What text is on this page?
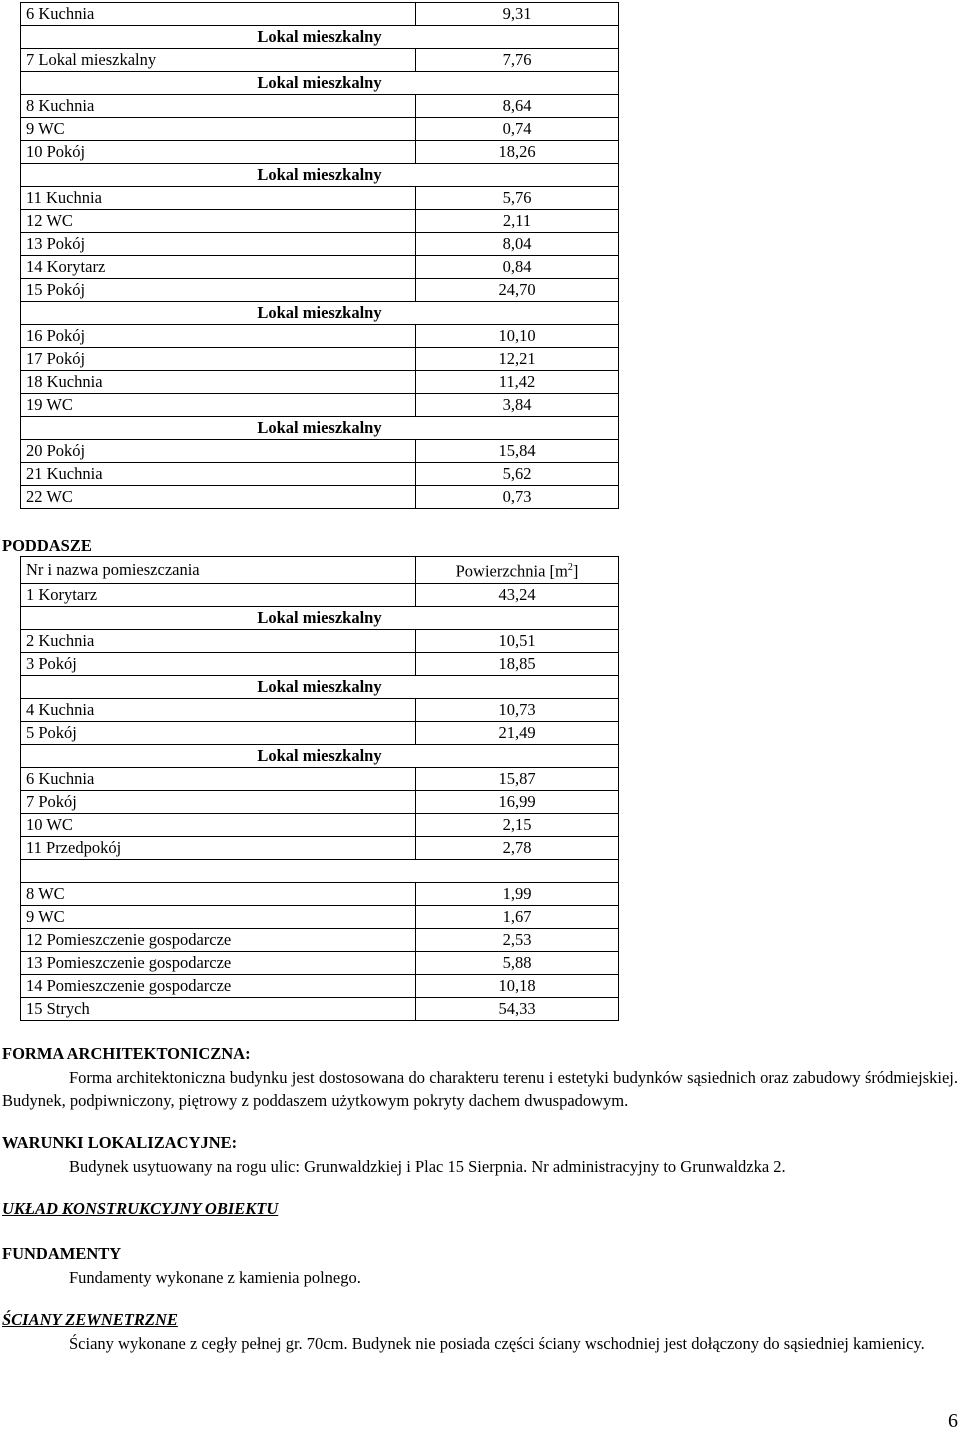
6 Kuchnia	9,31
Lokal mieszkalny	
7 Lokal mieszkalny	7,76
Lokal mieszkalny	
8 Kuchnia	8,64
9 WC	0,74
10 Pokój	18,26
Lokal mieszkalny	
11 Kuchnia	5,76
12 WC	2,11
13 Pokój	8,04
14 Korytarz	0,84
15 Pokój	24,70
Lokal mieszkalny	
16 Pokój	10,10
17 Pokój	12,21
18 Kuchnia	11,42
19 WC	3,84
Lokal mieszkalny	
20 Pokój	15,84
21 Kuchnia	5,62
22 WC	0,73
PODDASZE
Nr i nazwa pomieszczania	Powierzchnia $[m^2]$
1 Korytarz	43,24
Lokal mieszkalny	
2 Kuchnia	10,51
3 Pokój	18,85
Lokal mieszkalny	
4 Kuchnia	10,73
5 Pokój	21,49
Lokal mieszkalny	
6 Kuchnia	15,87
7 Pokój	16,99
10 WC	2,15
11 Przedpokój	2,78

8 WC	1,99
9 WC	1,67
12 Pomieszczenie gospodarcze	2,53
13 Pomieszczenie gospodarcze	5,88
14 Pomieszczenie gospodarcze	10,18
15 Strych	54,33
FORMA ARCHITEKTONICZNA:
Forma architektoniczna budynku jest dostosowana do charakteru terenu i estetyki budynków sąsiednich oraz zabudowy śródmiejskiej. Budynek, podpiwniczony, piętrowy z poddaszem użytkowym pokryty dachem dwuspadowym.
WARUNKI LOKALIZACYJNE:
Budynek usytuowany na rogu ulic: Grunwaldzkiej i Plac 15 Sierpnia. Nr administracyjny to Grunwaldzka 2.
UKŁAD KONSTRUKCYJNY OBIEKTU
FUNDAMENTY
Fundamenty wykonane z kamienia polnego.
ŚCIANY ZEWNETRZNE
Ściany wykonane z cegły pełnej gr. 70cm. Budynek nie posiada części ściany wschodniej jest dołączony do sąsiedniej kamienicy.
6
